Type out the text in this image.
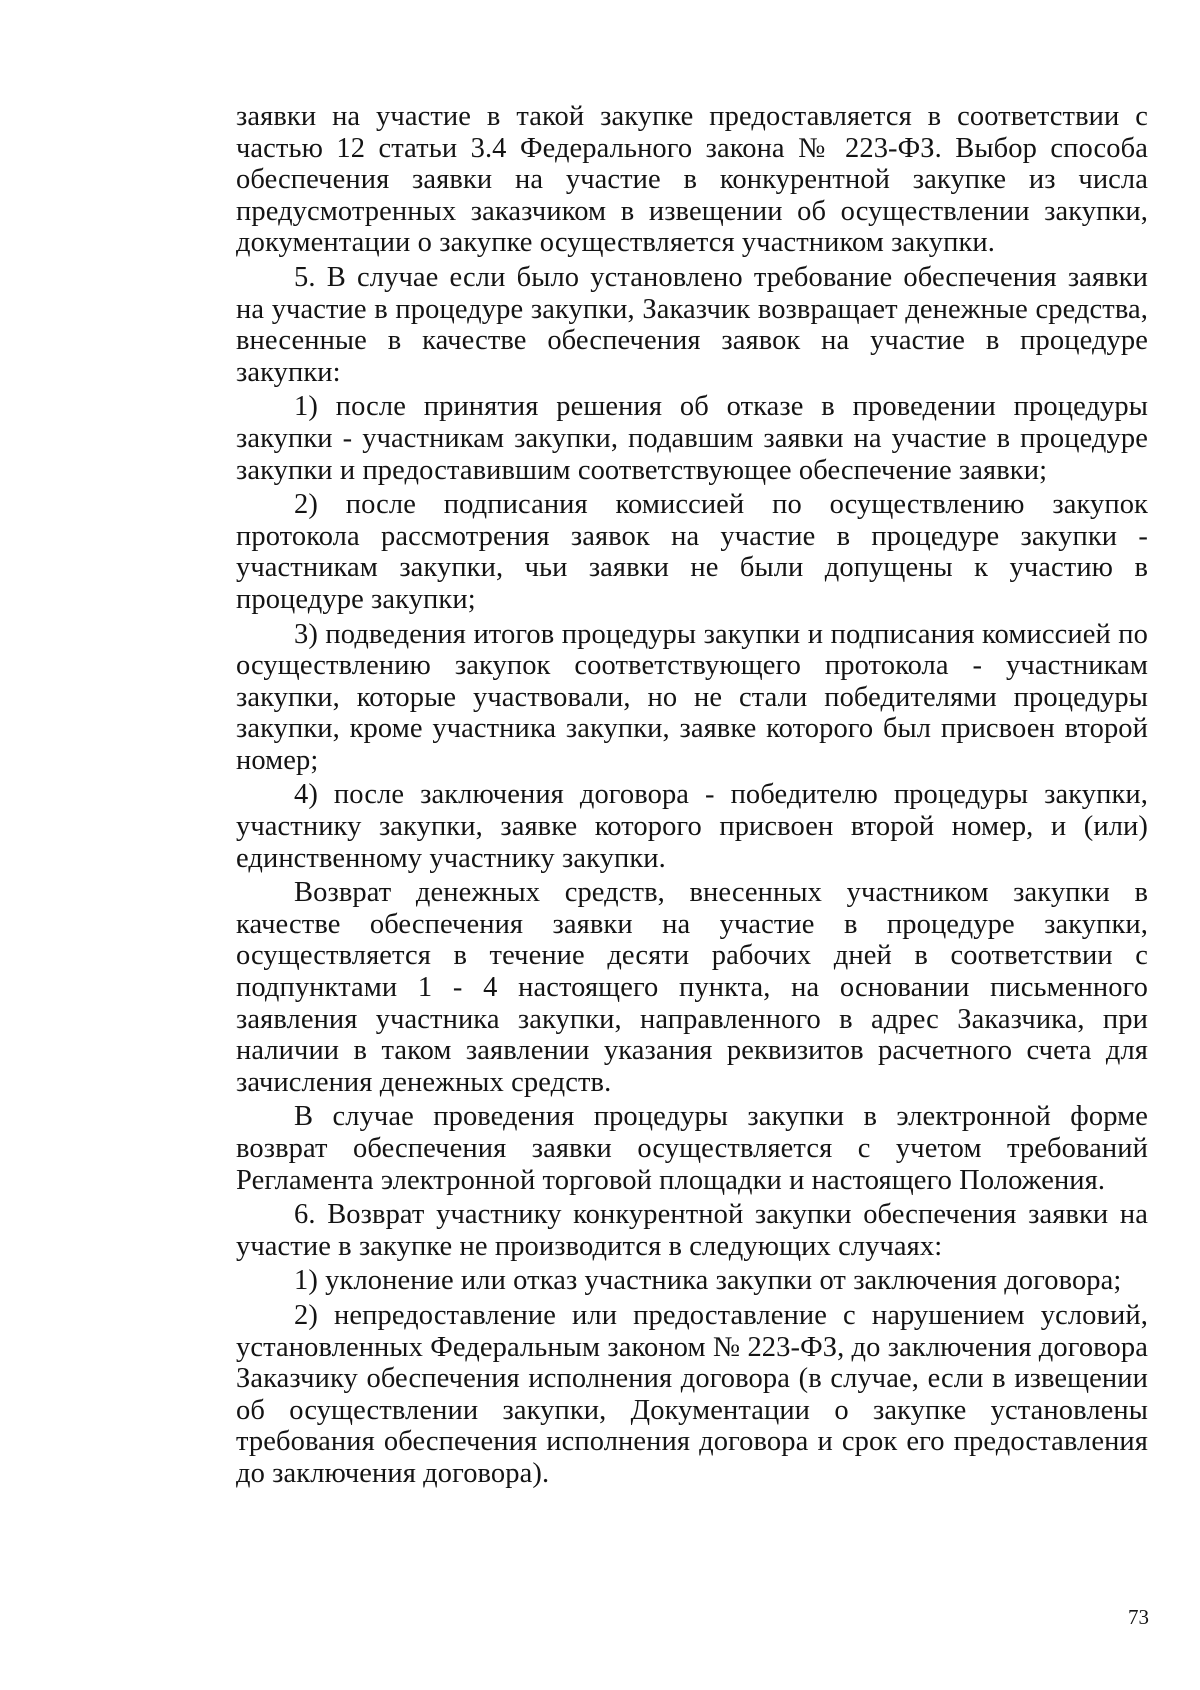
заявки на участие в такой закупке предоставляется в соответствии с частью 12 статьи 3.4 Федерального закона № 223-ФЗ. Выбор способа обеспечения заявки на участие в конкурентной закупке из числа предусмотренных заказчиком в извещении об осуществлении закупки, документации о закупке осуществляется участником закупки.

5. В случае если было установлено требование обеспечения заявки на участие в процедуре закупки, Заказчик возвращает денежные средства, внесенные в качестве обеспечения заявок на участие в процедуре закупки:

1) после принятия решения об отказе в проведении процедуры закупки - участникам закупки, подавшим заявки на участие в процедуре закупки и предоставившим соответствующее обеспечение заявки;

2) после подписания комиссией по осуществлению закупок протокола рассмотрения заявок на участие в процедуре закупки - участникам закупки, чьи заявки не были допущены к участию в процедуре закупки;

3) подведения итогов процедуры закупки и подписания комиссией по осуществлению закупок соответствующего протокола - участникам закупки, которые участвовали, но не стали победителями процедуры закупки, кроме участника закупки, заявке которого был присвоен второй номер;

4) после заключения договора - победителю процедуры закупки, участнику закупки, заявке которого присвоен второй номер, и (или) единственному участнику закупки.

Возврат денежных средств, внесенных участником закупки в качестве обеспечения заявки на участие в процедуре закупки, осуществляется в течение десяти рабочих дней в соответствии с подпунктами 1 - 4 настоящего пункта, на основании письменного заявления участника закупки, направленного в адрес Заказчика, при наличии в таком заявлении указания реквизитов расчетного счета для зачисления денежных средств.

В случае проведения процедуры закупки в электронной форме возврат обеспечения заявки осуществляется с учетом требований Регламента электронной торговой площадки и настоящего Положения.

6. Возврат участнику конкурентной закупки обеспечения заявки на участие в закупке не производится в следующих случаях:

1) уклонение или отказ участника закупки от заключения договора;

2) непредоставление или предоставление с нарушением условий, установленных Федеральным законом № 223-ФЗ, до заключения договора Заказчику обеспечения исполнения договора (в случае, если в извещении об осуществлении закупки, Документации о закупке установлены требования обеспечения исполнения договора и срок его предоставления до заключения договора).

73
